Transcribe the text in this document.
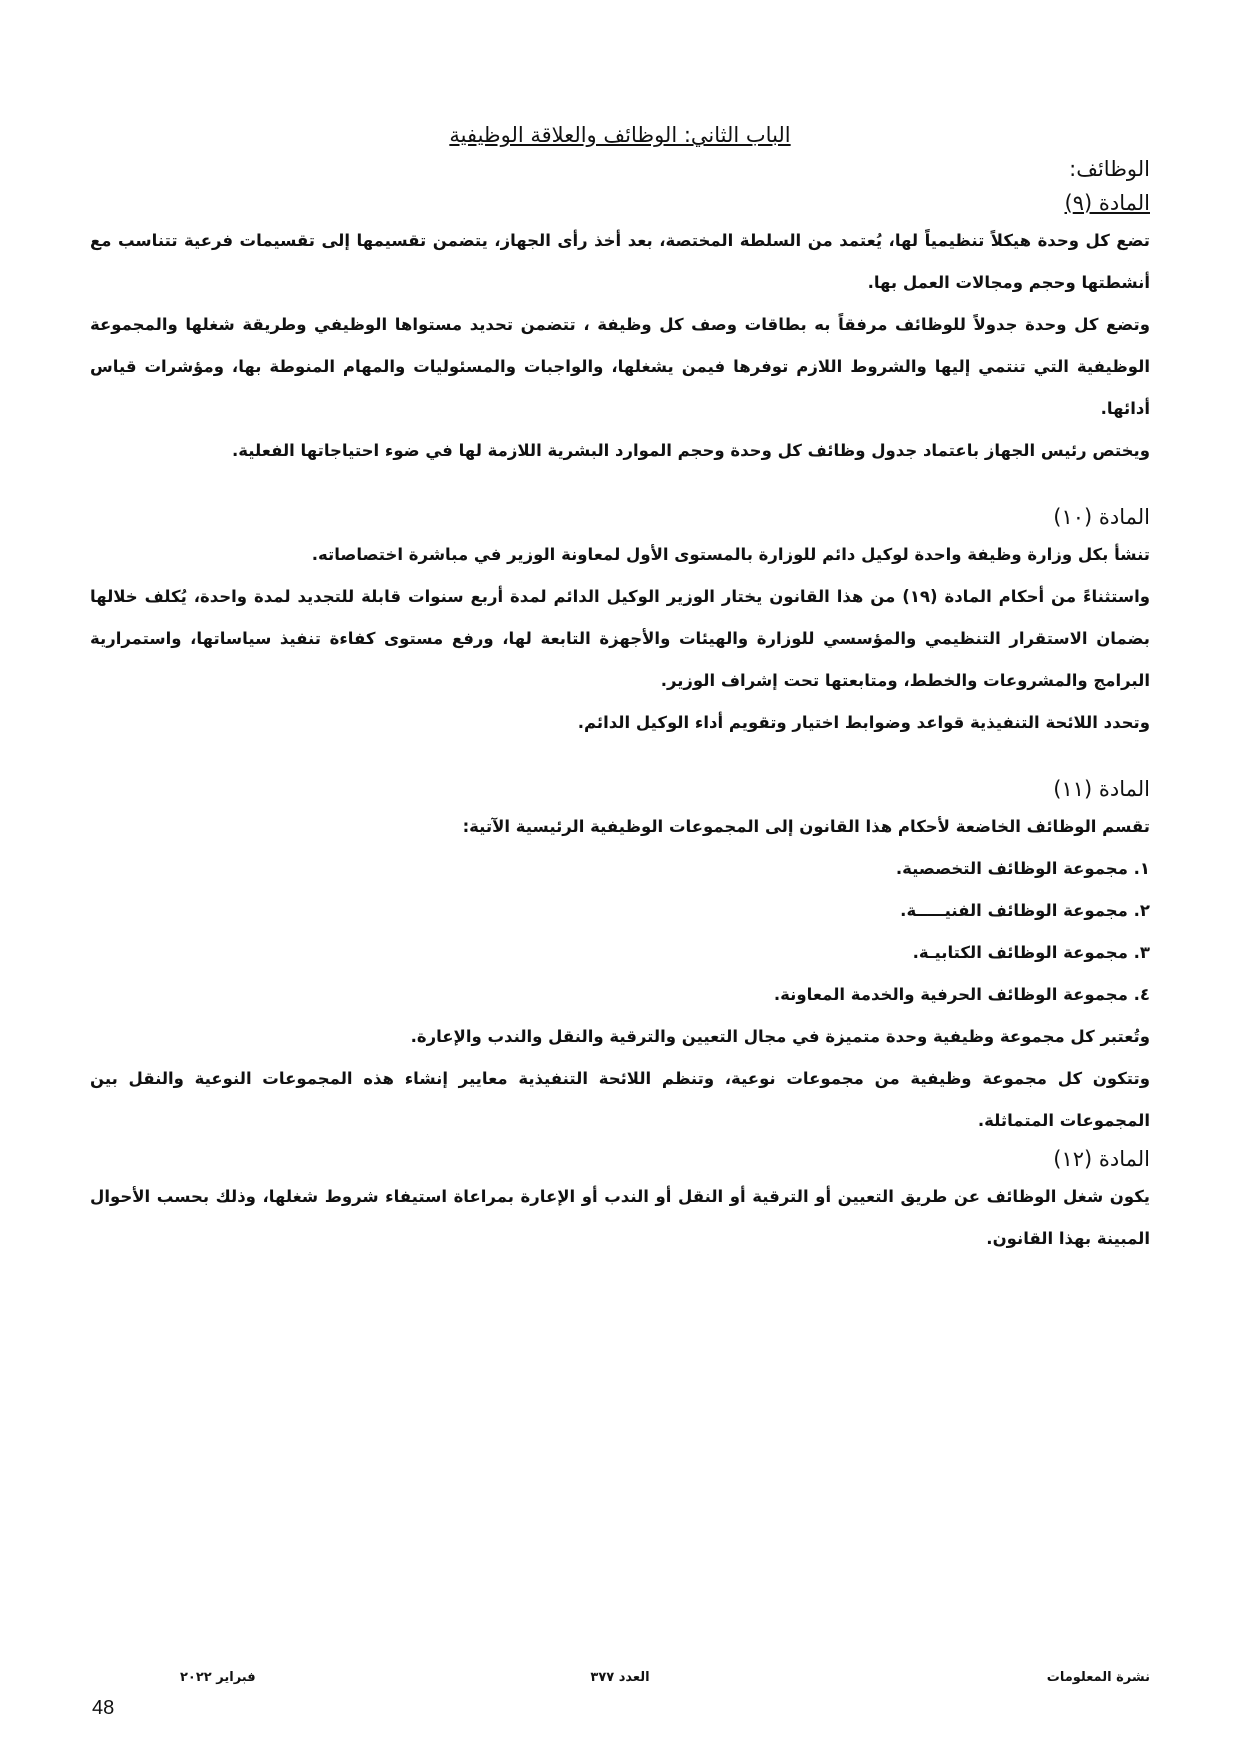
الباب الثاني: الوظائف والعلاقة الوظيفية

الوظائف:

المادة (٩)

تضع كل وحدة هيكلاً تنظيمياً لها، يُعتمد من السلطة المختصة، بعد أخذ رأى الجهاز، يتضمن تقسيمها إلى تقسيمات فرعية تتناسب مع أنشطتها وحجم ومجالات العمل بها.

وتضع كل وحدة جدولاً للوظائف مرفقاً به بطاقات وصف كل وظيفة ، تتضمن تحديد مستواها الوظيفي وطريقة شغلها والمجموعة الوظيفية التي تنتمي إليها والشروط اللازم توفرها فيمن يشغلها، والواجبات والمسئوليات والمهام المنوطة بها، ومؤشرات قياس أدائها.

ويختص رئيس الجهاز باعتماد جدول وظائف كل وحدة وحجم الموارد البشرية اللازمة لها في ضوء احتياجاتها الفعلية.

المادة (١٠)

تنشأ بكل وزارة وظيفة واحدة لوكيل دائم للوزارة بالمستوى الأول لمعاونة الوزير في مباشرة اختصاصاته.

واستثناءً من أحكام المادة (١٩) من هذا القانون يختار الوزير الوكيل الدائم لمدة أربع سنوات قابلة للتجديد لمدة واحدة، يُكلف خلالها بضمان الاستقرار التنظيمي والمؤسسي للوزارة والهيئات والأجهزة التابعة لها، ورفع مستوى كفاءة تنفيذ سياساتها، واستمرارية البرامج والمشروعات والخطط، ومتابعتها تحت إشراف الوزير.

وتحدد اللائحة التنفيذية قواعد وضوابط اختيار وتقويم أداء الوكيل الدائم.

المادة (١١)

تقسم الوظائف الخاضعة لأحكام هذا القانون إلى المجموعات الوظيفية الرئيسية الآتية:

١. مجموعة الوظائف التخصصية.

٢. مجموعة الوظائف الفنيـــــة.

٣. مجموعة الوظائف الكتابيـة.

٤. مجموعة الوظائف الحرفية والخدمة المعاونة.

وتُعتبر كل مجموعة وظيفية وحدة متميزة في مجال التعيين والترقية والنقل والندب والإعارة.

وتتكون كل مجموعة وظيفية من مجموعات نوعية، وتنظم اللائحة التنفيذية معايير إنشاء هذه المجموعات النوعية والنقل بين المجموعات المتماثلة.

المادة (١٢)

يكون شغل الوظائف عن طريق التعيين أو الترقية أو النقل أو الندب أو الإعارة بمراعاة استيفاء شروط شغلها، وذلك بحسب الأحوال المبينة بهذا القانون.

نشرة المعلومات
العدد ٣٧٧
فبراير ٢٠٢٢
48
